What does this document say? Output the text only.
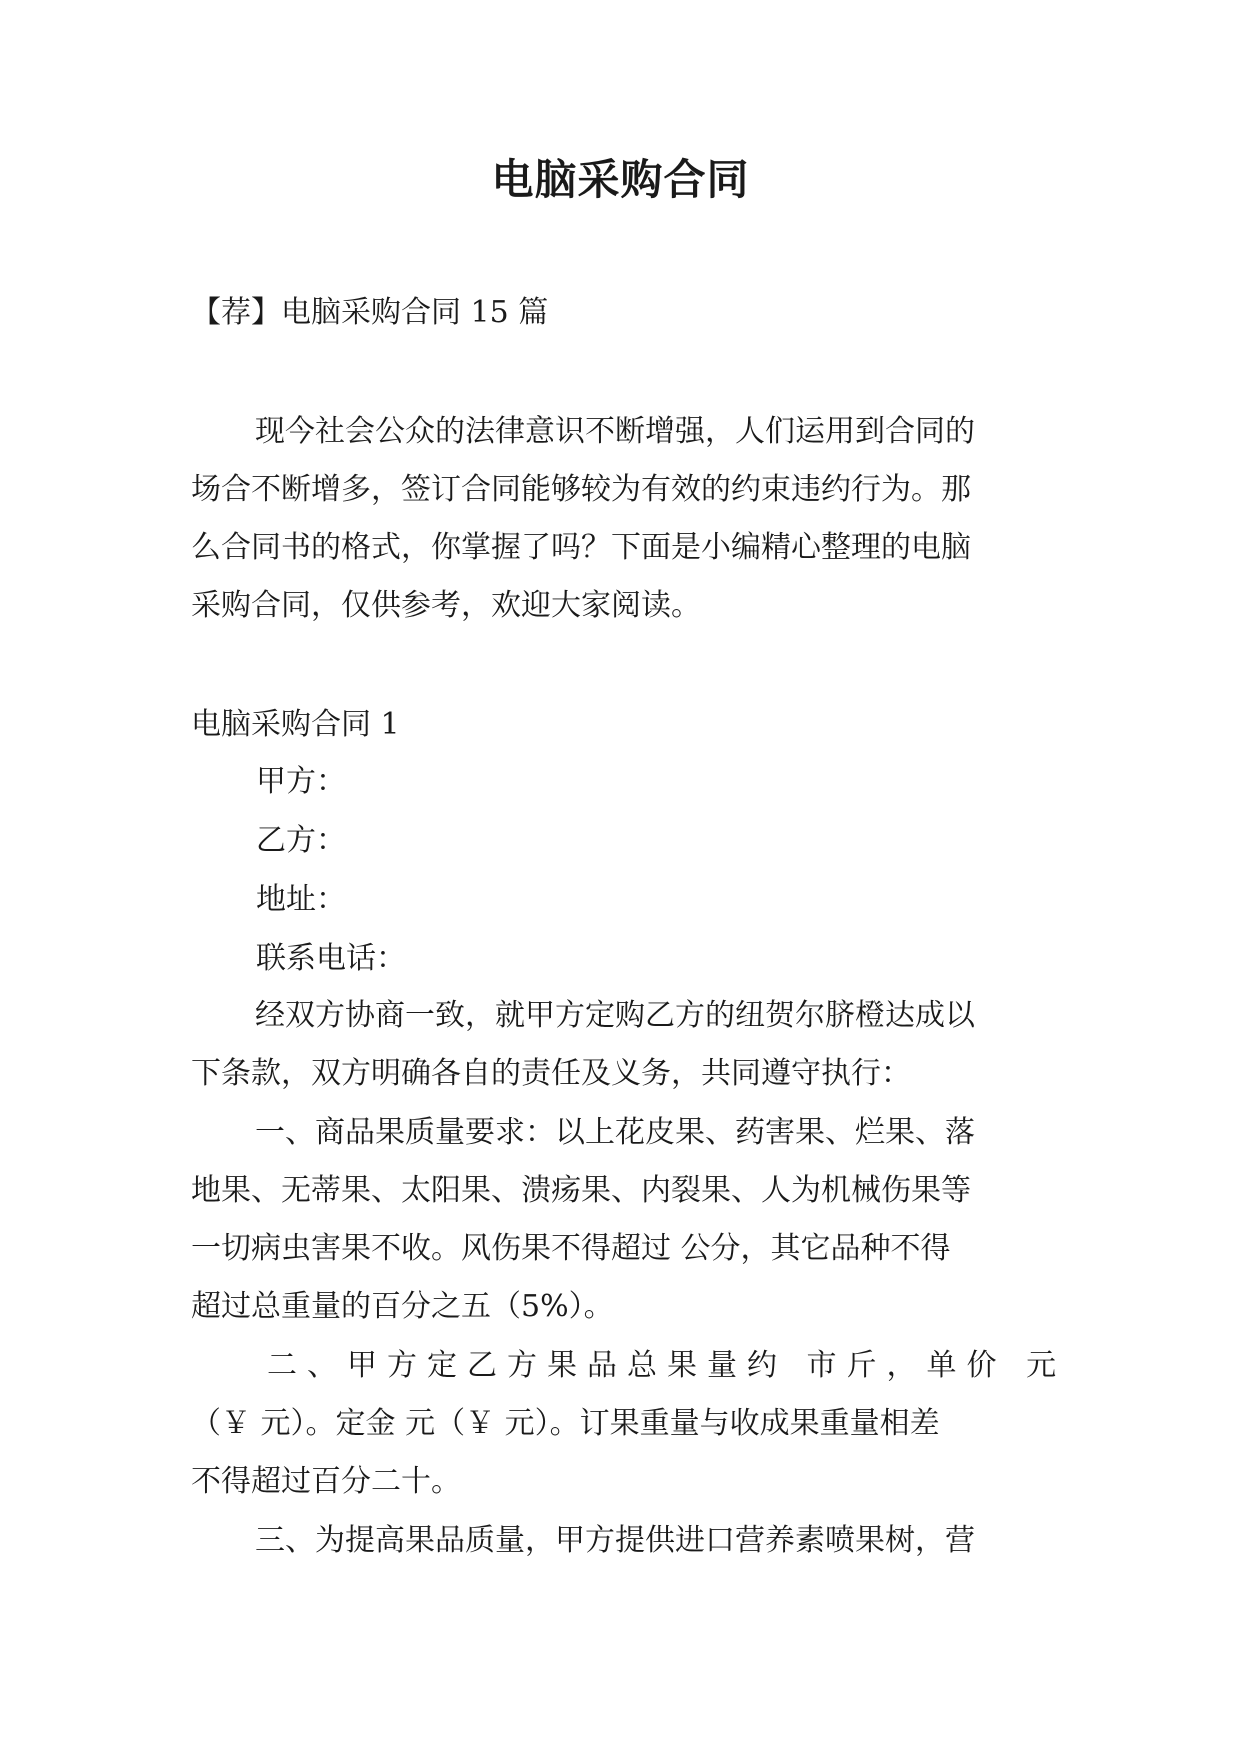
电脑采购合同

【荐】电脑采购合同 15 篇

现今社会公众的法律意识不断增强，人们运用到合同的
场合不断增多，签订合同能够较为有效的约束违约行为。那
么合同书的格式，你掌握了吗？下面是小编精心整理的电脑
采购合同，仅供参考，欢迎大家阅读。

电脑采购合同 1

甲方：

乙方：

地址：

联系电话：

经双方协商一致，就甲方定购乙方的纽贺尔脐橙达成以
下条款，双方明确各自的责任及义务，共同遵守执行：
一、商品果质量要求：以上花皮果、药害果、烂果、落
地果、无蒂果、太阳果、溃疡果、内裂果、人为机械伤果等
一切病虫害果不收。风伤果不得超过 公分，其它品种不得
超过总重量的百分之五（5%）。
二、甲方定乙方果品总果量约 市斤，单价 元
（￥ 元）。定金 元（￥ 元）。订果重量与收成果重量相差
不得超过百分二十。
三、为提高果品质量，甲方提供进口营养素喷果树，营
